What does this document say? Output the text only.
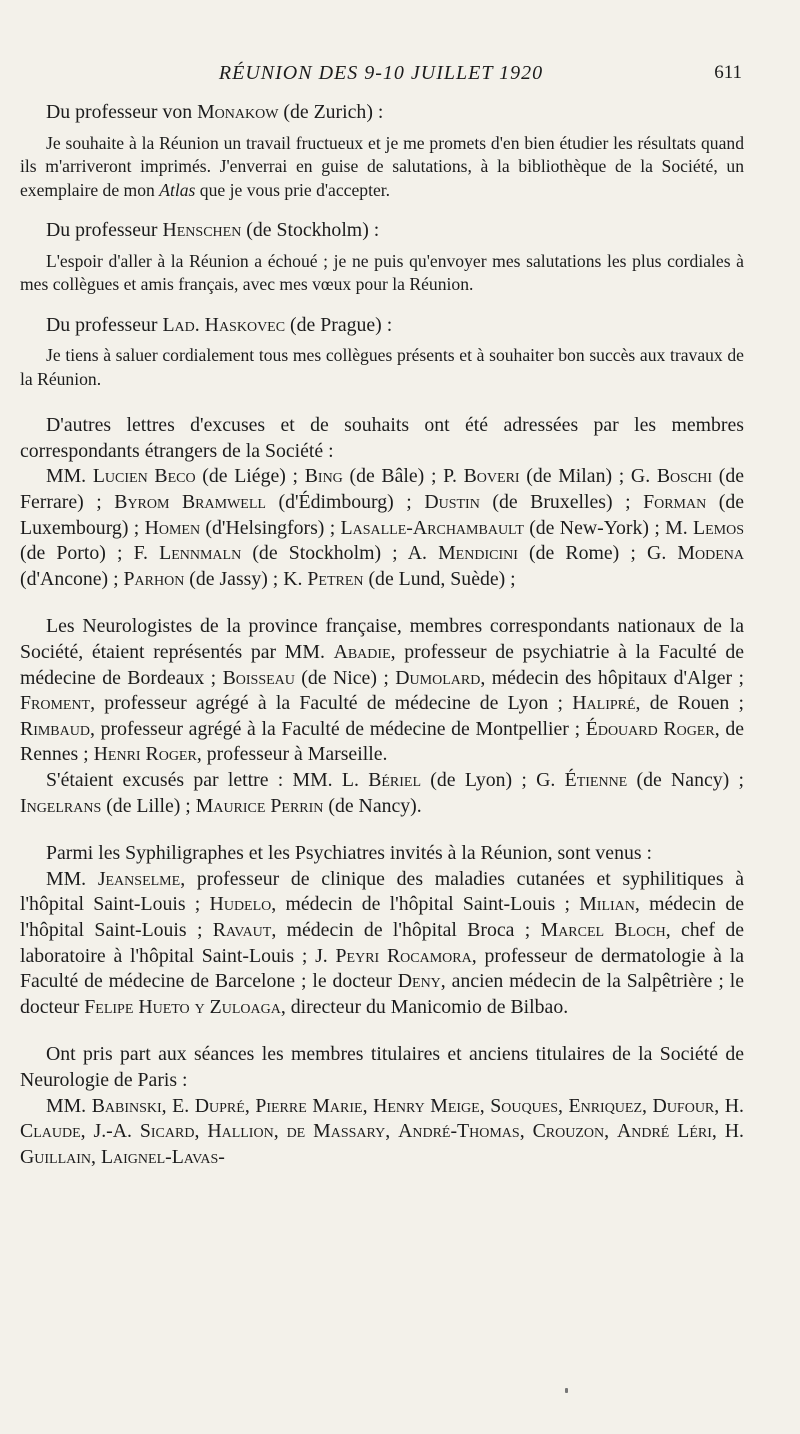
RÉUNION DES 9-10 JUILLET 1920	611

Du professeur von Monakow (de Zurich) :

Je souhaite à la Réunion un travail fructueux et je me promets d'en bien étudier les résultats quand ils m'arriveront imprimés. J'enverrai en guise de salutations, à la bibliothèque de la Société, un exemplaire de mon Atlas que je vous prie d'accepter.

Du professeur Henschen (de Stockholm) :

L'espoir d'aller à la Réunion a échoué ; je ne puis qu'envoyer mes salutations les plus cordiales à mes collègues et amis français, avec mes vœux pour la Réunion.

Du professeur Lad. Haskovec (de Prague) :

Je tiens à saluer cordialement tous mes collègues présents et à souhaiter bon succès aux travaux de la Réunion.

D'autres lettres d'excuses et de souhaits ont été adressées par les membres correspondants étrangers de la Société :

MM. Lucien Beco (de Liége) ; Bing (de Bâle) ; P. Boveri (de Milan) ; G. Boschi (de Ferrare) ; Byrom Bramwell (d'Édimbourg) ; Dustin (de Bruxelles) ; Forman (de Luxembourg) ; Homen (d'Helsingfors) ; Lasalle-Archambault (de New-York) ; M. Lemos (de Porto) ; F. Lennmaln (de Stockholm) ; A. Mendicini (de Rome) ; G. Modena (d'Ancone) ; Parhon (de Jassy) ; K. Petren (de Lund, Suède) ;

Les Neurologistes de la province française, membres correspondants nationaux de la Société, étaient représentés par MM. Abadie, professeur de psychiatrie à la Faculté de médecine de Bordeaux ; Boisseau (de Nice) ; Dumolard, médecin des hôpitaux d'Alger ; Froment, professeur agrégé à la Faculté de médecine de Lyon ; Halipré, de Rouen ; Rimbaud, professeur agrégé à la Faculté de médecine de Montpellier ; Édouard Roger, de Rennes ; Henri Roger, professeur à Marseille.

S'étaient excusés par lettre : MM. L. Bériel (de Lyon) ; G. Étienne (de Nancy) ; Ingelrans (de Lille) ; Maurice Perrin (de Nancy).

Parmi les Syphiligraphes et les Psychiatres invités à la Réunion, sont venus :

MM. Jeanselme, professeur de clinique des maladies cutanées et syphilitiques à l'hôpital Saint-Louis ; Hudelo, médecin de l'hôpital Saint-Louis ; Milian, médecin de l'hôpital Saint-Louis ; Ravaut, médecin de l'hôpital Broca ; Marcel Bloch, chef de laboratoire à l'hôpital Saint-Louis ; J. Peyri Rocamora, professeur de dermatologie à la Faculté de médecine de Barcelone ; le docteur Deny, ancien médecin de la Salpêtrière ; le docteur Felipe Hueto y Zuloaga, directeur du Manicomio de Bilbao.

Ont pris part aux séances les membres titulaires et anciens titulaires de la Société de Neurologie de Paris :

MM. Babinski, E. Dupré, Pierre Marie, Henry Meige, Souques, Enriquez, Dufour, H. Claude, J.-A. Sicard, Hallion, de Massary, André-Thomas, Crouzon, André Léri, H. Guillain, Laignel-Lavas-
